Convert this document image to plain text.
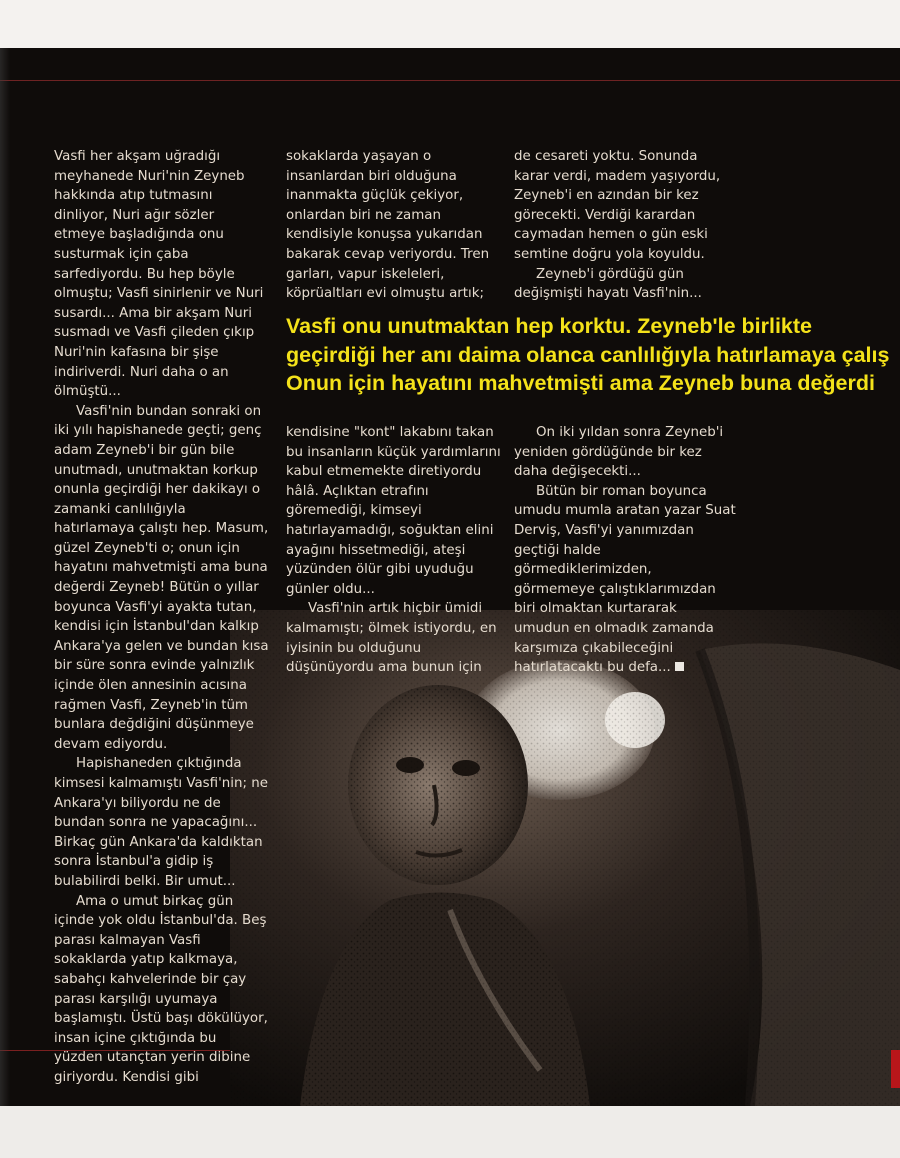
Vasfi her akşam uğradığı meyhanede Nuri'nin Zeyneb hakkında atıp tutmasını dinliyor, Nuri ağır sözler etmeye başladığında onu susturmak için çaba sarfediyordu. Bu hep böyle olmuştu; Vasfi sinirlenir ve Nuri susardı... Ama bir akşam Nuri susmadı ve Vasfi çileden çıkıp Nuri'nin kafasına bir şişe indiriverdi. Nuri daha o an ölmüştü...

Vasfi'nin bundan sonraki on iki yılı hapishanede geçti; genç adam Zeyneb'i bir gün bile unutmadı, unutmaktan korkup onunla geçirdiği her dakikayı o zamanki canlılığıyla hatırlamaya çalıştı hep. Masum, güzel Zeyneb'ti o; onun için hayatını mahvetmişti ama buna değerdi Zeyneb! Bütün o yıllar boyunca Vasfi'yi ayakta tutan, kendisi için İstanbul'dan kalkıp Ankara'ya gelen ve bundan kısa bir süre sonra evinde yalnızlık içinde ölen annesinin acısına rağmen Vasfi, Zeyneb'in tüm bunlara değdiğini düşünmeye devam ediyordu.

Hapishaneden çıktığında kimsesi kalmamıştı Vasfi'nin; ne Ankara'yı biliyordu ne de bundan sonra ne yapacağını... Birkaç gün Ankara'da kaldıktan sonra İstanbul'a gidip iş bulabilirdi belki. Bir umut...

Ama o umut birkaç gün içinde yok oldu İstanbul'da. Beş parası kalmayan Vasfi sokaklarda yatıp kalkmaya, sabahçı kahvelerinde bir çay parası karşılığı uyumaya başlamıştı. Üstü başı dökülüyor, insan içine çıktığında bu yüzden utançtan yerin dibine giriyordu. Kendisi gibi

sokaklarda yaşayan o insanlardan biri olduğuna inanmakta güçlük çekiyor, onlardan biri ne zaman kendisiyle konuşsa yukarıdan bakarak cevap veriyordu. Tren garları, vapur iskeleleri, köprüaltları evi olmuştu artık;

de cesareti yoktu. Sonunda karar verdi, madem yaşıyordu, Zeyneb'i en azından bir kez görecekti. Verdiği karardan caymadan hemen o gün eski semtine doğru yola koyuldu.

Zeyneb'i gördüğü gün değişmişti hayatı Vasfi'nin...

Vasfi onu unutmaktan hep korktu. Zeyneb'le birlikte
geçirdiği her anı daima olanca canlılığıyla hatırlamaya çalış
Onun için hayatını mahvetmişti ama Zeyneb buna değerdi

kendisine "kont" lakabını takan bu insanların küçük yardımlarını kabul etmemekte diretiyordu hâlâ. Açlıktan etrafını göremediği, kimseyi hatırlayamadığı, soğuktan elini ayağını hissetmediği, ateşi yüzünden ölür gibi uyuduğu günler oldu...

Vasfi'nin artık hiçbir ümidi kalmamıştı; ölmek istiyordu, en iyisinin bu olduğunu düşünüyordu ama bunun için

On iki yıldan sonra Zeyneb'i yeniden gördüğünde bir kez daha değişecekti...

Bütün bir roman boyunca umudu mumla aratan yazar Suat Derviş, Vasfi'yi yanımızdan geçtiği halde görmediklerimizden, görmemeye çalıştıklarımızdan biri olmaktan kurtararak umudun en olmadık zamanda karşımıza çıkabileceğini hatırlatacaktı bu defa...
